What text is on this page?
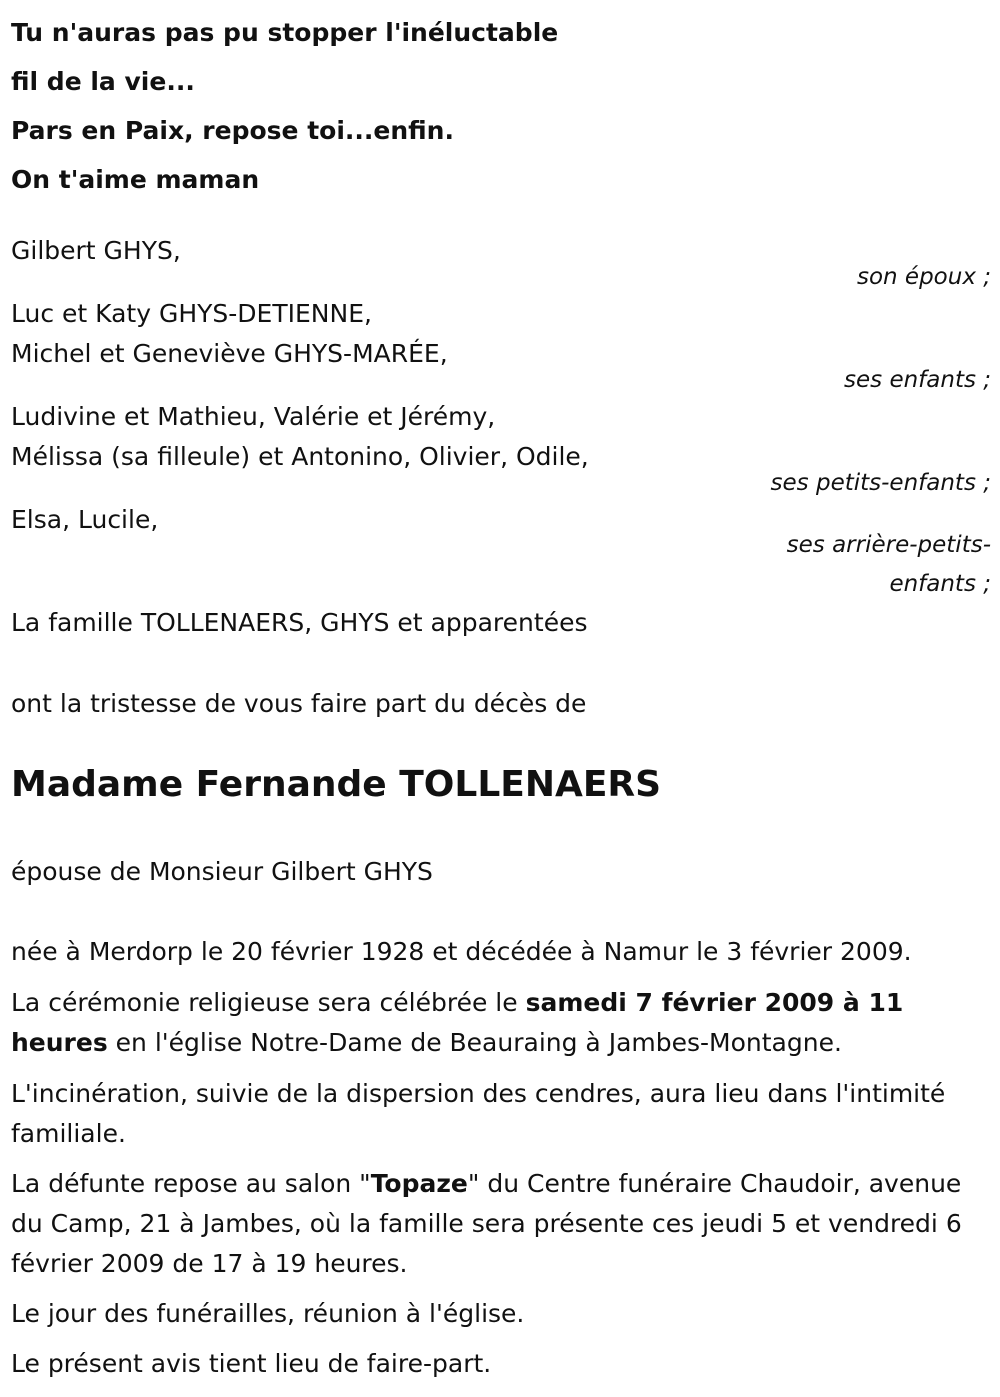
Tu n'auras pas pu stopper l'inéluctable
fil de la vie...
Pars en Paix, repose toi...enfin.
On t'aime maman
Gilbert GHYS,
son époux ;
Luc et Katy GHYS-DETIENNE,
Michel et Geneviève GHYS-MARÉE,
ses enfants ;
Ludivine et Mathieu, Valérie et Jérémy,
Mélissa (sa filleule) et Antonino, Olivier, Odile,
ses petits-enfants ;
Elsa, Lucile,
ses arrière-petits-
enfants ;
La famille TOLLENAERS, GHYS et apparentées
ont la tristesse de vous faire part du décès de
Madame Fernande TOLLENAERS
épouse de Monsieur Gilbert GHYS
née à Merdorp le 20 février 1928 et décédée à Namur le 3 février 2009.
La cérémonie religieuse sera célébrée le samedi 7 février 2009 à 11 heures en l'église Notre-Dame de Beauraing à Jambes-Montagne.
L'incinération, suivie de la dispersion des cendres, aura lieu dans l'intimité familiale.
La défunte repose au salon "Topaze" du Centre funéraire Chaudoir, avenue du Camp, 21 à Jambes, où la famille sera présente ces jeudi 5 et vendredi 6 février 2009 de 17 à 19 heures.
Le jour des funérailles, réunion à l'église.
Le présent avis tient lieu de faire-part.
